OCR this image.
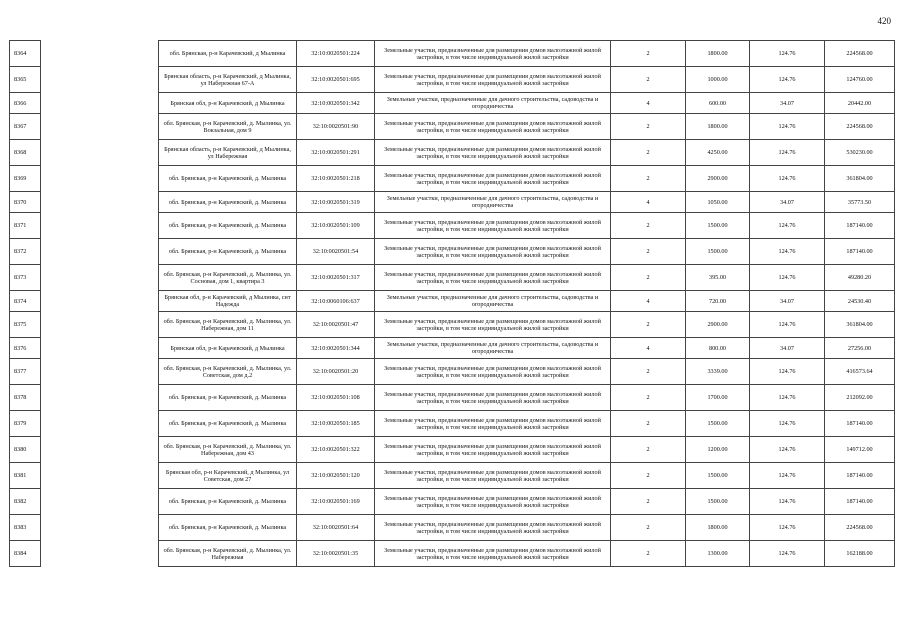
420
8364		обл. Брянская, р-н Карачевский, д Мылинка	32:10:0020501:224	Земельные участки, предназначенные для размещения домов малоэтажной жилой застройки, в том числе индивидуальной жилой застройки	2	1800.00	124.76	224568.00
8365		Брянская область, р-н Карачевский, д Мылинка, ул Набережная 67-А	32:10:0020501:695	Земельные участки, предназначенные для размещения домов малоэтажной жилой застройки, в том числе индивидуальной жилой застройки	2	1000.00	124.76	124760.00
8366		Брянская обл, р-н Карачевский, д Мылинка	32:10:0020501:342	Земельные участки, предназначенные для дачного строительства, садоводства и огородничества	4	600.00	34.07	20442.00
8367		обл. Брянская, р-н Карачевский, д. Мылинка, ул. Вокзальная, дом 9	32:10:0020501:90	Земельные участки, предназначенные для размещения домов малоэтажной жилой застройки, в том числе индивидуальной жилой застройки	2	1800.00	124.76	224568.00
8368		Брянская область, р-н Карачевский, д Мылинка, ул Набережная	32:10:0020501:291	Земельные участки, предназначенные для размещения домов малоэтажной жилой застройки, в том числе индивидуальной жилой застройки	2	4250.00	124.76	530230.00
8369		обл. Брянская, р-н Карачевский, д. Мылинка	32:10:0020501:218	Земельные участки, предназначенные для размещения домов малоэтажной жилой застройки, в том числе индивидуальной жилой застройки	2	2900.00	124.76	361804.00
8370		обл. Брянская, р-н Карачевский, д. Мылинка	32:10:0020501:319	Земельные участки, предназначенные для дачного строительства, садоводства и огородничества	4	1050.00	34.07	35773.50
8371		обл. Брянская, р-н Карачевский, д. Мылинка	32:10:0020501:109	Земельные участки, предназначенные для размещения домов малоэтажной жилой застройки, в том числе индивидуальной жилой застройки	2	1500.00	124.76	187140.00
8372		обл. Брянская, р-н Карачевский, д. Мылинка	32:10:0020501:54	Земельные участки, предназначенные для размещения домов малоэтажной жилой застройки, в том числе индивидуальной жилой застройки	2	1500.00	124.76	187140.00
8373		обл. Брянская, р-н Карачевский, д. Мылинка, ул. Сосновая, дом 1, квартира 3	32:10:0020501:317	Земельные участки, предназначенные для размещения домов малоэтажной жилой застройки, в том числе индивидуальной жилой застройки	2	395.00	124.76	49280.20
8374		Брянская обл, р-н Карачевский, д Мылинка, снт Надежда	32:10:0060106:637	Земельные участки, предназначенные для дачного строительства, садоводства и огородничества	4	720.00	34.07	24530.40
8375		обл. Брянская, р-н Карачевский, д. Мылинка, ул. Набережная, дом 11	32:10:0020501:47	Земельные участки, предназначенные для размещения домов малоэтажной жилой застройки, в том числе индивидуальной жилой застройки	2	2900.00	124.76	361804.00
8376		Брянская обл, р-н Карачевский, д Мылинка	32:10:0020501:344	Земельные участки, предназначенные для дачного строительства, садоводства и огородничества	4	800.00	34.07	27256.00
8377		обл. Брянская, р-н Карачевский, д. Мылинка, ул. Советская, дом д.2	32:10:0020501:20	Земельные участки, предназначенные для размещения домов малоэтажной жилой застройки, в том числе индивидуальной жилой застройки	2	3339.00	124.76	416573.64
8378		обл. Брянская, р-н Карачевский, д. Мылинка	32:10:0020501:108	Земельные участки, предназначенные для размещения домов малоэтажной жилой застройки, в том числе индивидуальной жилой застройки	2	1700.00	124.76	212092.00
8379		обл. Брянская, р-н Карачевский, д. Мылинка	32:10:0020501:185	Земельные участки, предназначенные для размещения домов малоэтажной жилой застройки, в том числе индивидуальной жилой застройки	2	1500.00	124.76	187140.00
8380		обл. Брянская, р-н Карачевский, д. Мылинка, ул. Набережная, дом 43	32:10:0020501:322	Земельные участки, предназначенные для размещения домов малоэтажной жилой застройки, в том числе индивидуальной жилой застройки	2	1200.00	124.76	149712.00
8381		Брянская обл, р-н Карачевский, д Мылинка, ул Советская, дом 27	32:10:0020501:120	Земельные участки, предназначенные для размещения домов малоэтажной жилой застройки, в том числе индивидуальной жилой застройки	2	1500.00	124.76	187140.00
8382		обл. Брянская, р-н Карачевский, д. Мылинка	32:10:0020501:169	Земельные участки, предназначенные для размещения домов малоэтажной жилой застройки, в том числе индивидуальной жилой застройки	2	1500.00	124.76	187140.00
8383		обл. Брянская, р-н Карачевский, д. Мылинка	32:10:0020501:64	Земельные участки, предназначенные для размещения домов малоэтажной жилой застройки, в том числе индивидуальной жилой застройки	2	1800.00	124.76	224568.00
8384		обл. Брянская, р-н Карачевский, д. Мылинка, ул. Набережная	32:10:0020501:35	Земельные участки, предназначенные для размещения домов малоэтажной жилой застройки, в том числе индивидуальной жилой застройки	2	1300.00	124.76	162188.00
